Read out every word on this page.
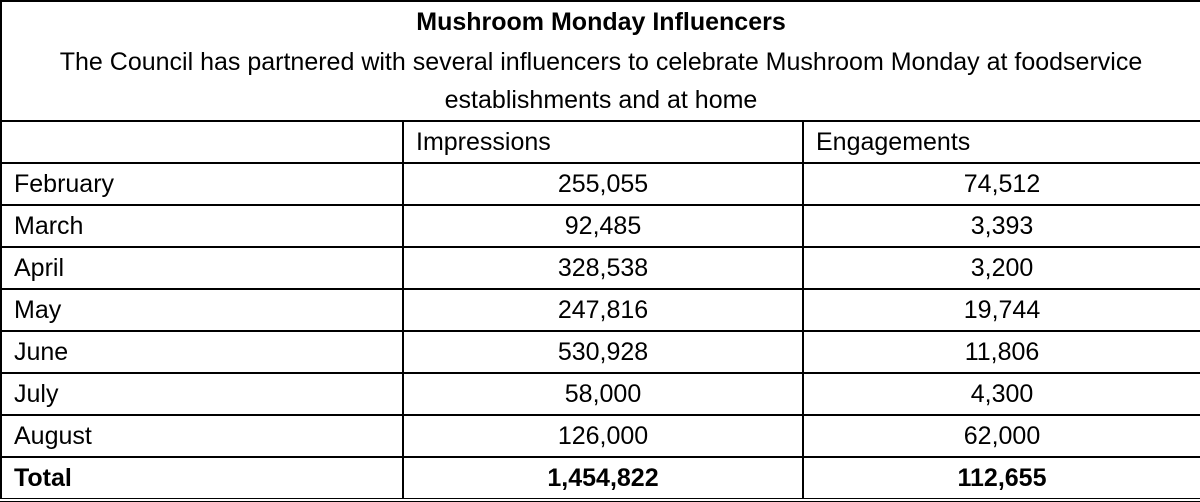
Mushroom Monday Influencers		
The Council has partnered with several influencers to celebrate Mushroom Monday at foodservice establishments and at home		
	Impressions	Engagements
February	255,055	74,512
March	92,485	3,393
April	328,538	3,200
May	247,816	19,744
June	530,928	11,806
July	58,000	4,300
August	126,000	62,000
Total	1,454,822	112,655
